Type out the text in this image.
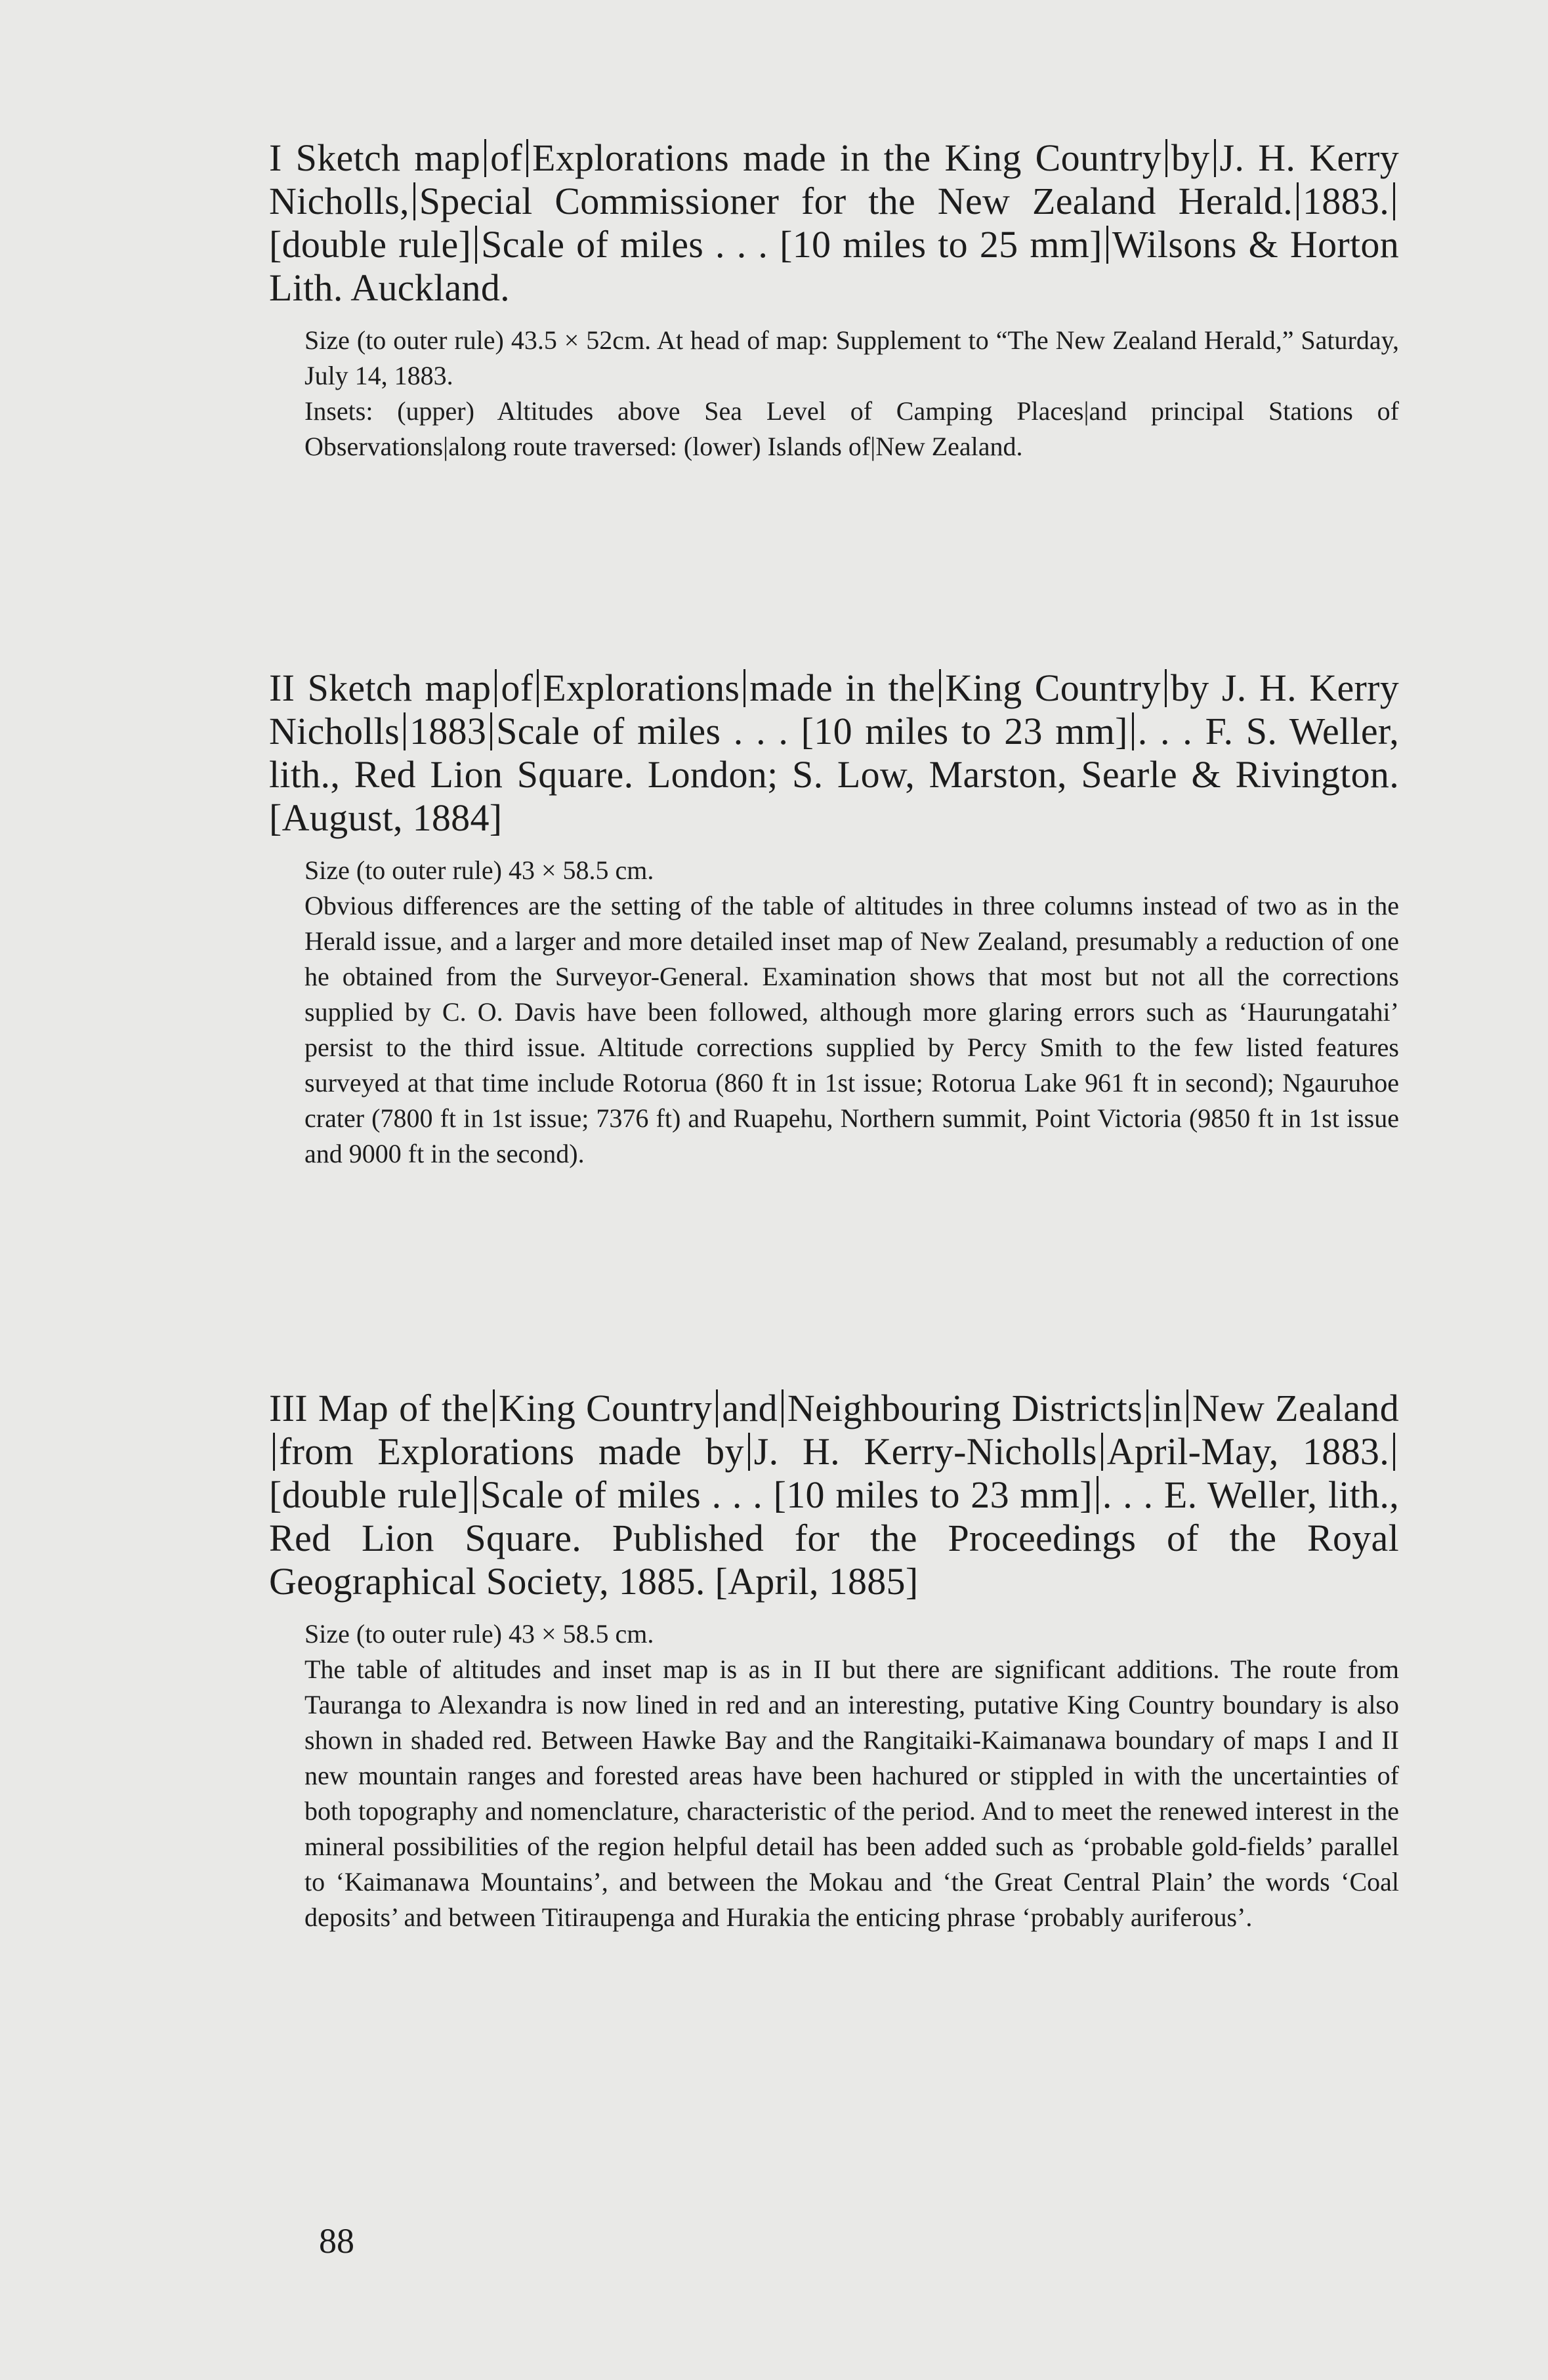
I Sketch map of Explorations made in the King Country by J. H. Kerry Nicholls, Special Commissioner for the New Zealand Herald. 1883.[double rule] Scale of miles . . . [10 miles to 25 mm] Wilsons & Horton Lith. Auckland.

Size (to outer rule) 43.5 × 52cm. At head of map: Supplement to “The New Zealand Herald,” Saturday, July 14, 1883.

Insets: (upper) Altitudes above Sea Level of Camping Places|and principal Stations of Observations|along route traversed: (lower) Islands of|New Zealand.

II Sketch map of Explorations made in the King Country by J. H. Kerry Nicholls 1883 Scale of miles . . . [10 miles to 23 mm] . . . F. S. Weller, lith., Red Lion Square. London; S. Low, Marston, Searle & Rivington. [August, 1884]

Size (to outer rule) 43 × 58.5 cm.

Obvious differences are the setting of the table of altitudes in three columns instead of two as in the Herald issue, and a larger and more detailed inset map of New Zealand, presumably a reduction of one he obtained from the Surveyor-General. Examination shows that most but not all the corrections supplied by C. O. Davis have been followed, although more glaring errors such as ‘Haurungatahi’ persist to the third issue. Altitude corrections supplied by Percy Smith to the few listed features surveyed at that time include Rotorua (860 ft in 1st issue; Rotorua Lake 961 ft in second); Ngauruhoe crater (7800 ft in 1st issue; 7376 ft) and Ruapehu, Northern summit, Point Victoria (9850 ft in 1st issue and 9000 ft in the second).

III Map of the King Country and Neighbouring Districts in New Zealandfrom Explorations made by J. H. Kerry-Nicholls April-May, 1883.[double rule] Scale of miles . . . [10 miles to 23 mm] . . . E. Weller, lith., Red Lion Square. Published for the Proceedings of the Royal Geographical Society, 1885. [April, 1885]

Size (to outer rule) 43 × 58.5 cm.

The table of altitudes and inset map is as in II but there are significant additions. The route from Tauranga to Alexandra is now lined in red and an interesting, putative King Country boundary is also shown in shaded red. Between Hawke Bay and the Rangitaiki-Kaimanawa boundary of maps I and II new mountain ranges and forested areas have been hachured or stippled in with the uncertainties of both topography and nomenclature, characteristic of the period. And to meet the renewed interest in the mineral possibilities of the region helpful detail has been added such as ‘probable gold-fields’ parallel to ‘Kaimanawa Mountains’, and between the Mokau and ‘the Great Central Plain’ the words ‘Coal deposits’ and between Titiraupenga and Hurakia the enticing phrase ‘probably auriferous’.

88
